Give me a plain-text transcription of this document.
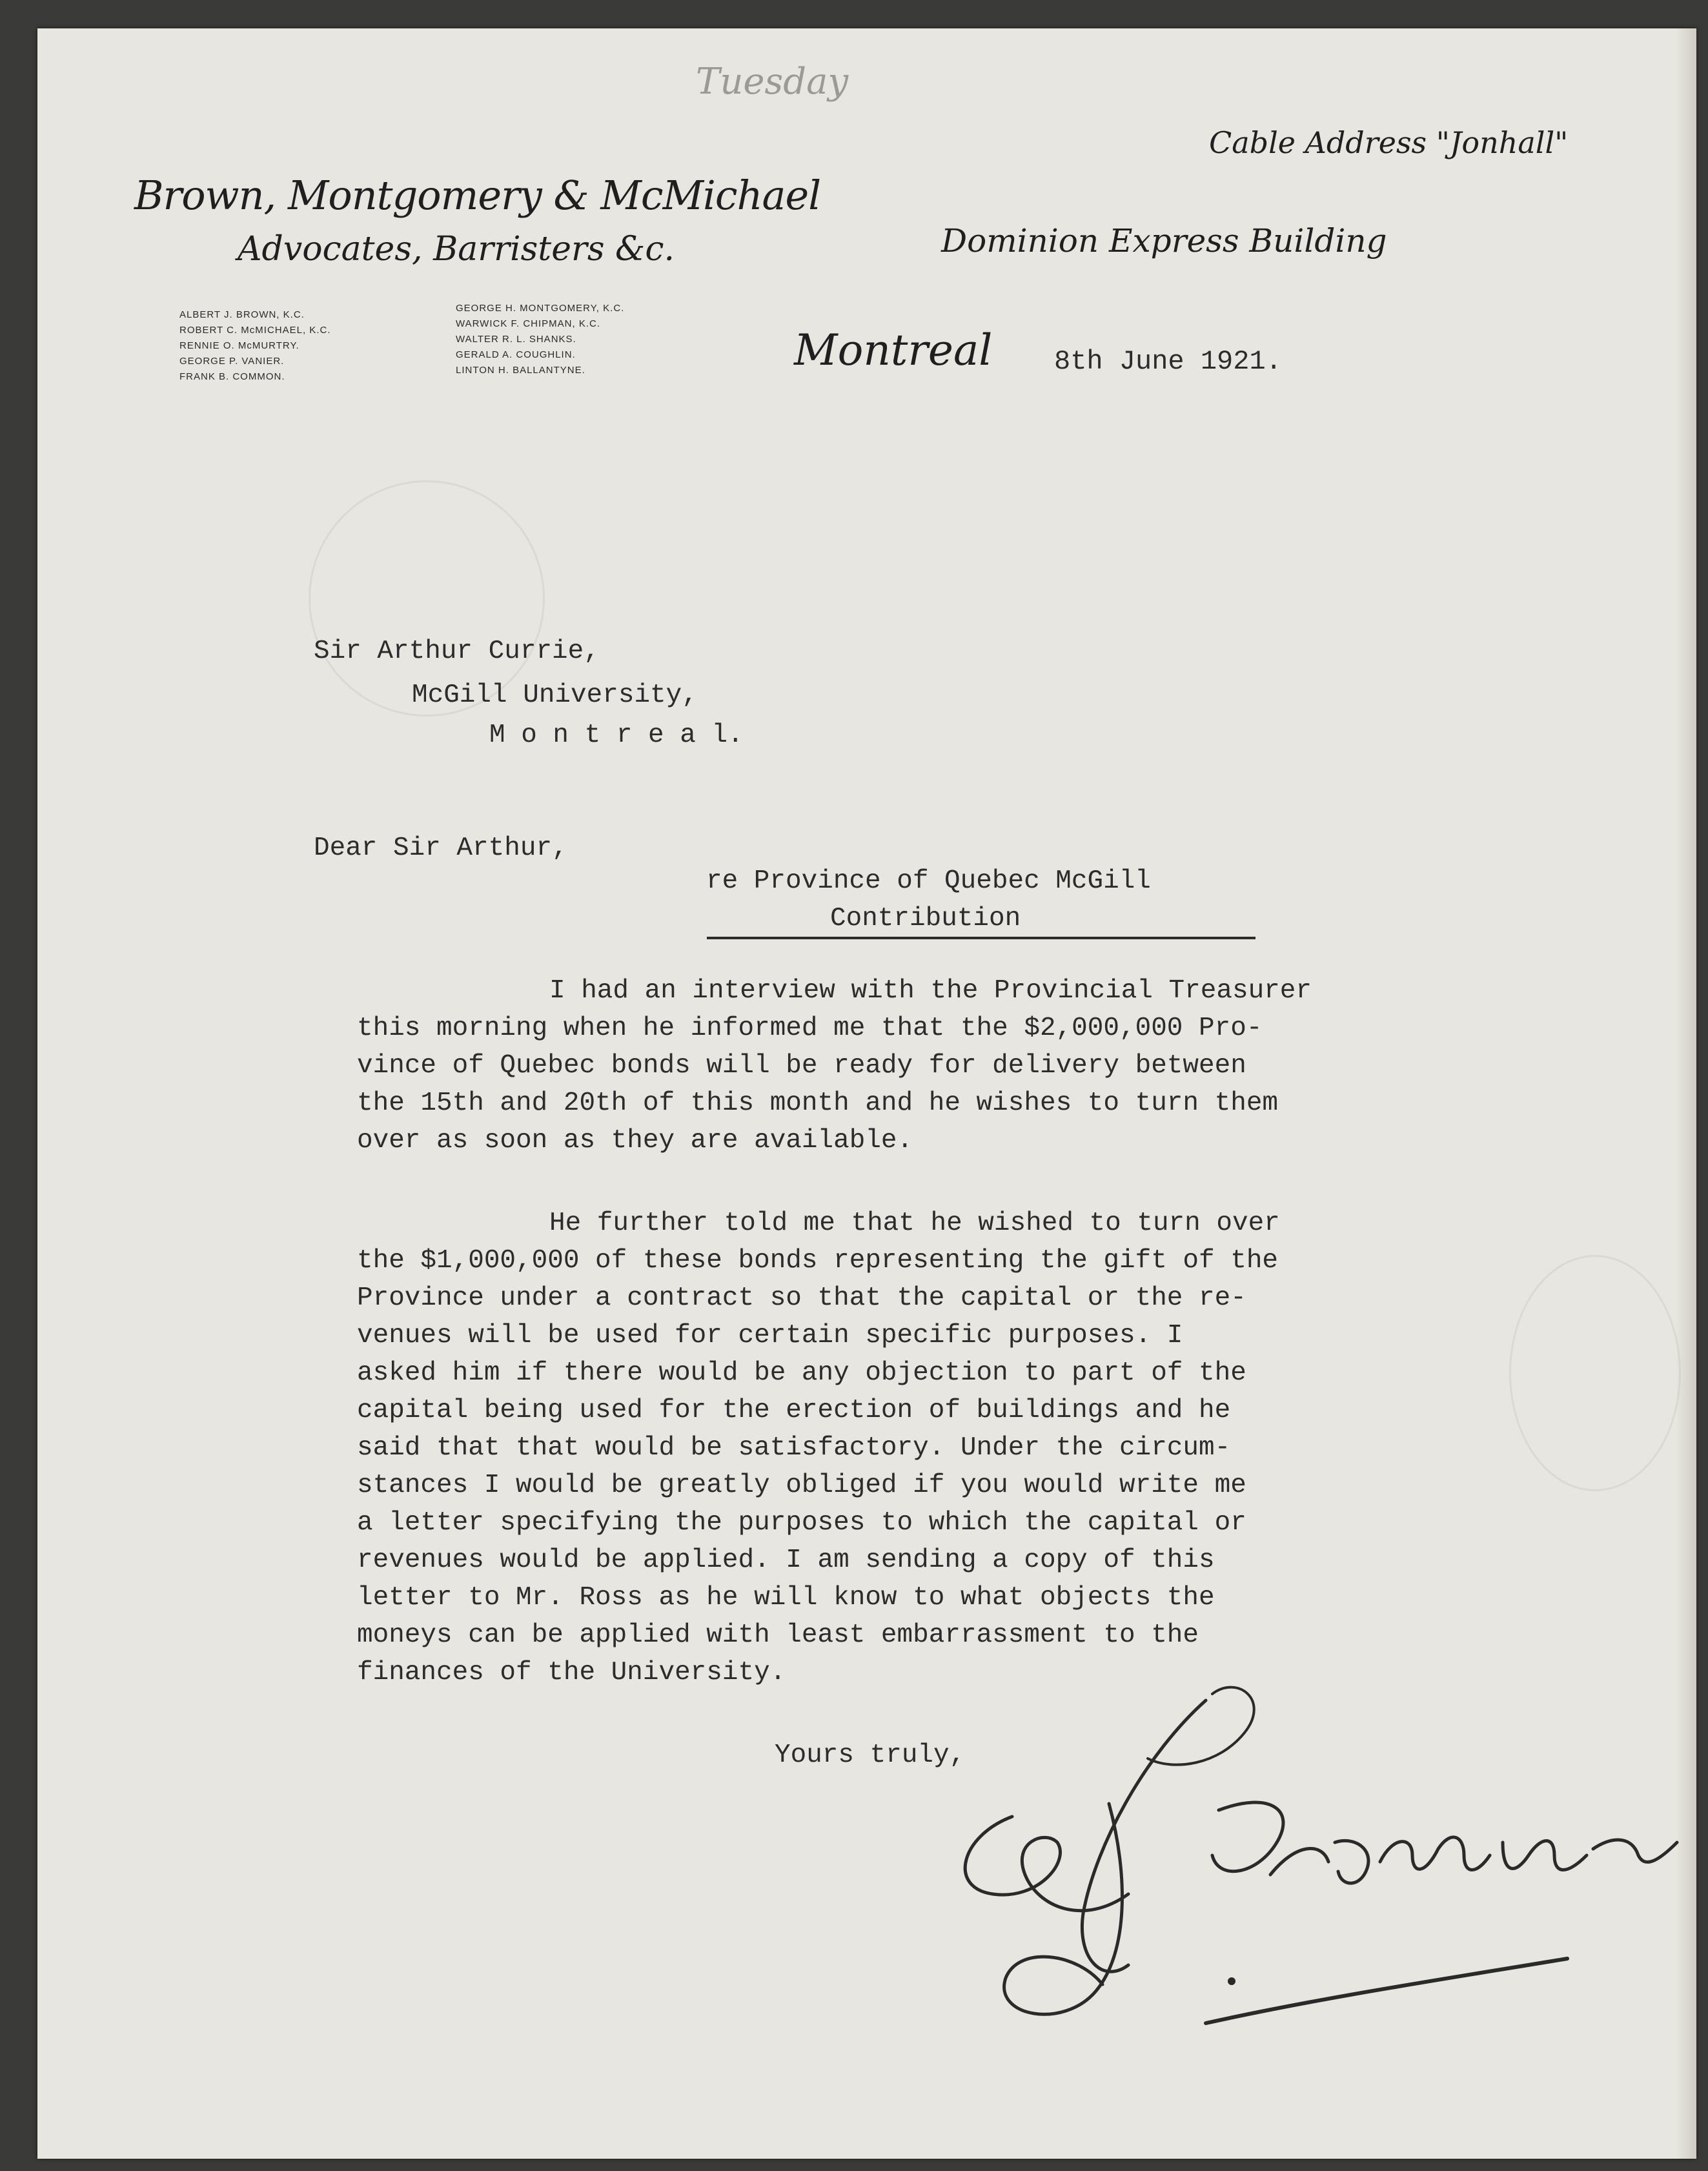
Tuesday

Brown, Montgomery & McMichael

Advocates, Barristers &c.

Cable Address "Jonhall"

Dominion Express Building

ALBERT J. BROWN, K.C.
ROBERT C. McMICHAEL, K.C.
RENNIE O. McMURTRY.
GEORGE P. VANIER.
FRANK B. COMMON.
GEORGE H. MONTGOMERY, K.C.
WARWICK F. CHIPMAN, K.C.
WALTER R. L. SHANKS.
GERALD A. COUGHLIN.
LINTON H. BALLANTYNE.	Montreal 8th June 1921.

Sir Arthur Currie,

McGill University,

M o n t r e a l.

Dear Sir Arthur,

re Province of Quebec McGill

Contribution

I had an interview with the Provincial Treasurer
this morning when he informed me that the $2,000,000 Pro-
vince of Quebec bonds will be ready for delivery between
the 15th and 20th of this month and he wishes to turn them
over as soon as they are available.

He further told me that he wished to turn over
the $1,000,000 of these bonds representing the gift of the
Province under a contract so that the capital or the re-
venues will be used for certain specific purposes. I
asked him if there would be any objection to part of the
capital being used for the erection of buildings and he
said that that would be satisfactory. Under the circum-
stances I would be greatly obliged if you would write me
a letter specifying the purposes to which the capital or
revenues would be applied. I am sending a copy of this
letter to Mr. Ross as he will know to what objects the
moneys can be applied with least embarrassment to the
finances of the University.

Yours truly,
